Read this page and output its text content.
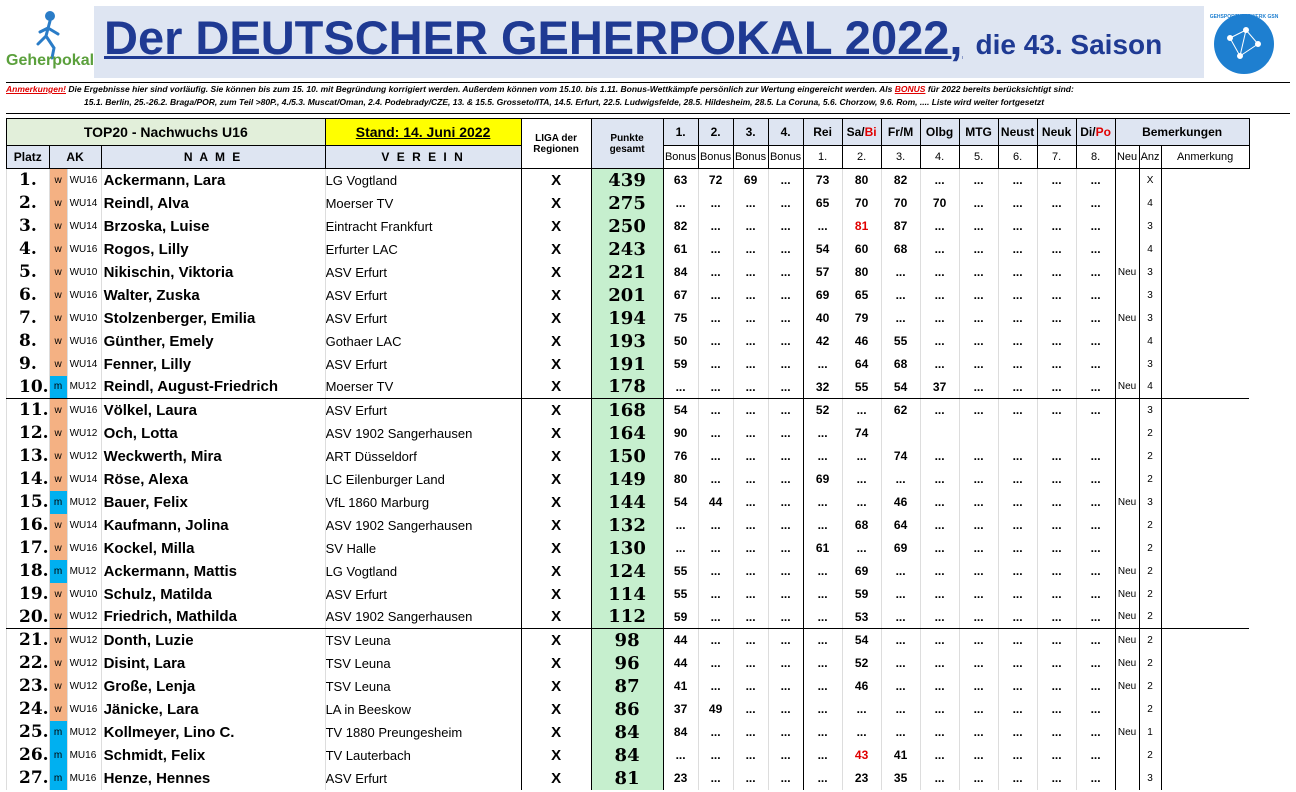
Geherpokal Der DEUTSCHER GEHERPOKAL 2022, die 43. Saison
GEHSPORTNETZWERK GSN
Anmerkungen! Die Ergebnisse hier sind vorläufig. Sie können bis zum 15. 10. mit Begründung korrigiert werden. Außerdem können vom 15.10. bis 1.11. Bonus-Wettkämpfe persönlich zur Wertung eingereicht werden. Als BONUS für 2022 bereits berücksichtigt sind:
15.1. Berlin, 25.-26.2. Braga/POR, zum Teil >80P., 4./5.3. Muscat/Oman, 2.4. Podebrady/CZE, 13. & 15.5. Grosseto/ITA, 14.5. Erfurt, 22.5. Ludwigsfelde, 28.5. Hildesheim, 28.5. La Coruna, 5.6. Chorzow, 9.6. Rom, .... Liste wird weiter fortgesetzt
TOP20 - Nachwuchs U16				Stand: 14. Juni 2022	LIGA der
Regionen	Punkte
gesamt	1.	2.	3.	4.	Rei	Sa/Bi	Fr/M	Olbg	MTG	Neust	Neuk	Di/Po	Bemerkungen		
Platz	AK		N A M E	V E R E I N			Bonus	Bonus	Bonus	Bonus	1.	2.	3.	4.	5.	6.	7.	8.	Neu	Anz	Anmerkung
1.	w	WU16	Ackermann, Lara	LG Vogtland	X	439	63	72	69	...	73	80	82	...	...	...	...	...		X	
2.	w	WU14	Reindl, Alva	Moerser TV	X	275	...	...	...	...	65	70	70	70	...	...	...	...		4	
3.	w	WU14	Brzoska, Luise	Eintracht Frankfurt	X	250	82	...	...	...	...	81	87	...	...	...	...	...		3	
4.	w	WU16	Rogos, Lilly	Erfurter LAC	X	243	61	...	...	...	54	60	68	...	...	...	...	...		4	
5.	w	WU10	Nikischin, Viktoria	ASV Erfurt	X	221	84	...	...	...	57	80	...	...	...	...	...	...	Neu	3	
6.	w	WU16	Walter, Zuska	ASV Erfurt	X	201	67	...	...	...	69	65	...	...	...	...	...	...		3	
7.	w	WU10	Stolzenberger, Emilia	ASV Erfurt	X	194	75	...	...	...	40	79	...	...	...	...	...	...	Neu	3	
8.	w	WU16	Günther, Emely	Gothaer LAC	X	193	50	...	...	...	42	46	55	...	...	...	...	...		4	
9.	w	WU14	Fenner, Lilly	ASV Erfurt	X	191	59	...	...	...	...	64	68	...	...	...	...	...		3	
10.	m	MU12	Reindl, August-Friedrich	Moerser TV	X	178	...	...	...	...	32	55	54	37	...	...	...	...	Neu	4	
11.	w	WU16	Völkel, Laura	ASV Erfurt	X	168	54	...	...	...	52	...	62	...	...	...	...	...		3	
12.	w	WU12	Och, Lotta	ASV 1902 Sangerhausen	X	164	90	...	...	...	...	74								2	
13.	w	WU12	Weckwerth, Mira	ART Düsseldorf	X	150	76	...	...	...	...	...	74	...	...	...	...	...		2	
14.	w	WU14	Röse, Alexa	LC Eilenburger Land	X	149	80	...	...	...	69	...	...	...	...	...	...	...		2	
15.	m	MU12	Bauer, Felix	VfL 1860 Marburg	X	144	54	44	...	...	...	...	46	...	...	...	...	...	Neu	3	
16.	w	WU14	Kaufmann, Jolina	ASV 1902 Sangerhausen	X	132	...	...	...	...	...	68	64	...	...	...	...	...		2	
17.	w	WU16	Kockel, Milla	SV Halle	X	130	...	...	...	...	61	...	69	...	...	...	...	...		2	
18.	m	MU12	Ackermann, Mattis	LG Vogtland	X	124	55	...	...	...	...	69	...	...	...	...	...	...	Neu	2	
19.	w	WU10	Schulz, Matilda	ASV Erfurt	X	114	55	...	...	...	...	59	...	...	...	...	...	...	Neu	2	
20.	w	WU12	Friedrich, Mathilda	ASV 1902 Sangerhausen	X	112	59	...	...	...	...	53	...	...	...	...	...	...	Neu	2	
21.	w	WU12	Donth, Luzie	TSV Leuna	X	98	44	...	...	...	...	54	...	...	...	...	...	...	Neu	2	
22.	w	WU12	Disint, Lara	TSV Leuna	X	96	44	...	...	...	...	52	...	...	...	...	...	...	Neu	2	
23.	w	WU12	Große, Lenja	TSV Leuna	X	87	41	...	...	...	...	46	...	...	...	...	...	...	Neu	2	
24.	w	WU16	Jänicke, Lara	LA in Beeskow	X	86	37	49	...	...	...	...	...	...	...	...	...	...		2	
25.	m	MU12	Kollmeyer, Lino C.	TV 1880 Preungesheim	X	84	84	...	...	...	...	...	...	...	...	...	...	...	Neu	1	
26.	m	MU16	Schmidt, Felix	TV Lauterbach	X	84	...	...	...	...	...	43	41	...	...	...	...	...		2	
27.	m	MU16	Henze, Hennes	ASV Erfurt	X	81	23	...	...	...	...	23	35	...	...	...	...	...		3	
